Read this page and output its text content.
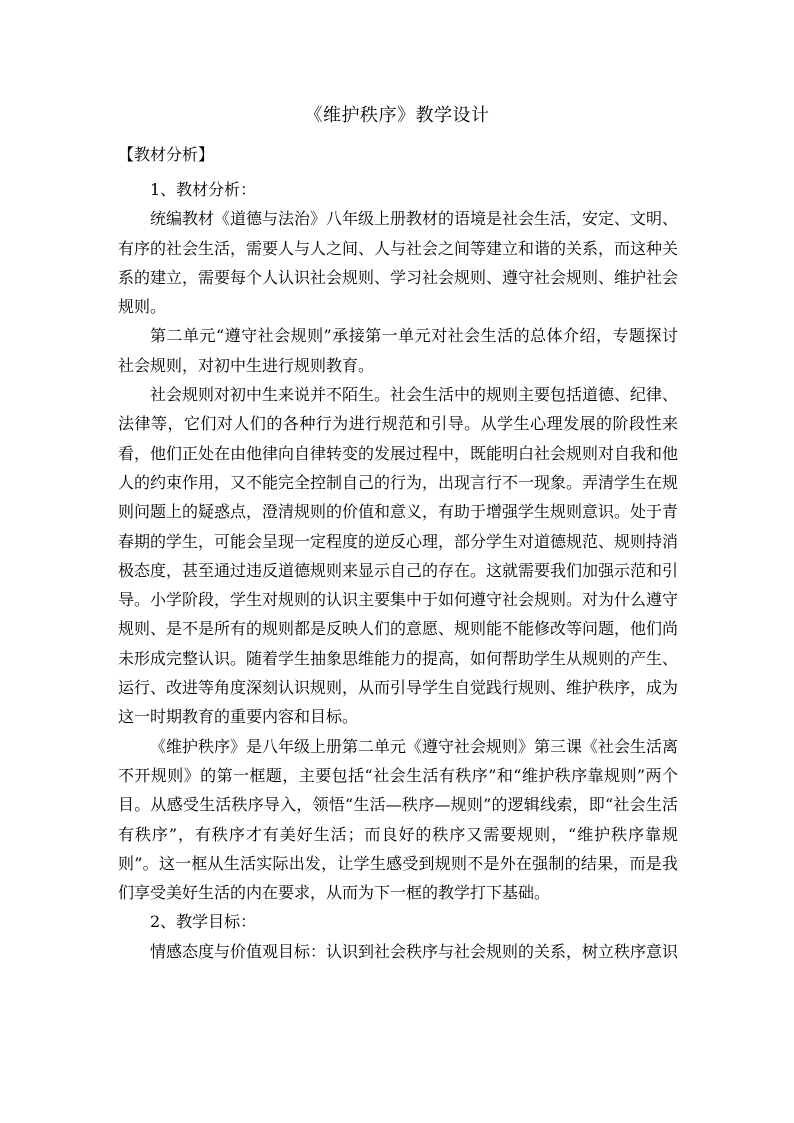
《维护秩序》教学设计
【教材分析】

1、教材分析：

统编教材《道德与法治》八年级上册教材的语境是社会生活，安定、文明、有序的社会生活，需要人与人之间、人与社会之间等建立和谐的关系，而这种关系的建立，需要每个人认识社会规则、学习社会规则、遵守社会规则、维护社会规则。

第二单元“遵守社会规则”承接第一单元对社会生活的总体介绍，专题探讨社会规则，对初中生进行规则教育。

社会规则对初中生来说并不陌生。社会生活中的规则主要包括道德、纪律、法律等，它们对人们的各种行为进行规范和引导。从学生心理发展的阶段性来看，他们正处在由他律向自律转变的发展过程中，既能明白社会规则对自我和他人的约束作用，又不能完全控制自己的行为，出现言行不一现象。弄清学生在规则问题上的疑惑点，澄清规则的价值和意义，有助于增强学生规则意识。处于青春期的学生，可能会呈现一定程度的逆反心理，部分学生对道德规范、规则持消极态度，甚至通过违反道德规则来显示自己的存在。这就需要我们加强示范和引导。小学阶段，学生对规则的认识主要集中于如何遵守社会规则。对为什么遵守规则、是不是所有的规则都是反映人们的意愿、规则能不能修改等问题，他们尚未形成完整认识。随着学生抽象思维能力的提高，如何帮助学生从规则的产生、运行、改进等角度深刻认识规则，从而引导学生自觉践行规则、维护秩序，成为这一时期教育的重要内容和目标。

《维护秩序》是八年级上册第二单元《遵守社会规则》第三课《社会生活离不开规则》的第一框题，主要包括“社会生活有秩序”和“维护秩序靠规则”两个目。从感受生活秩序导入，领悟“生活—秩序—规则”的逻辑线索，即“社会生活有秩序”，有秩序才有美好生活；而良好的秩序又需要规则，“维护秩序靠规则”。这一框从生活实际出发，让学生感受到规则不是外在强制的结果，而是我们享受美好生活的内在要求，从而为下一框的教学打下基础。

2、教学目标：

情感态度与价值观目标：认识到社会秩序与社会规则的关系，树立秩序意识
